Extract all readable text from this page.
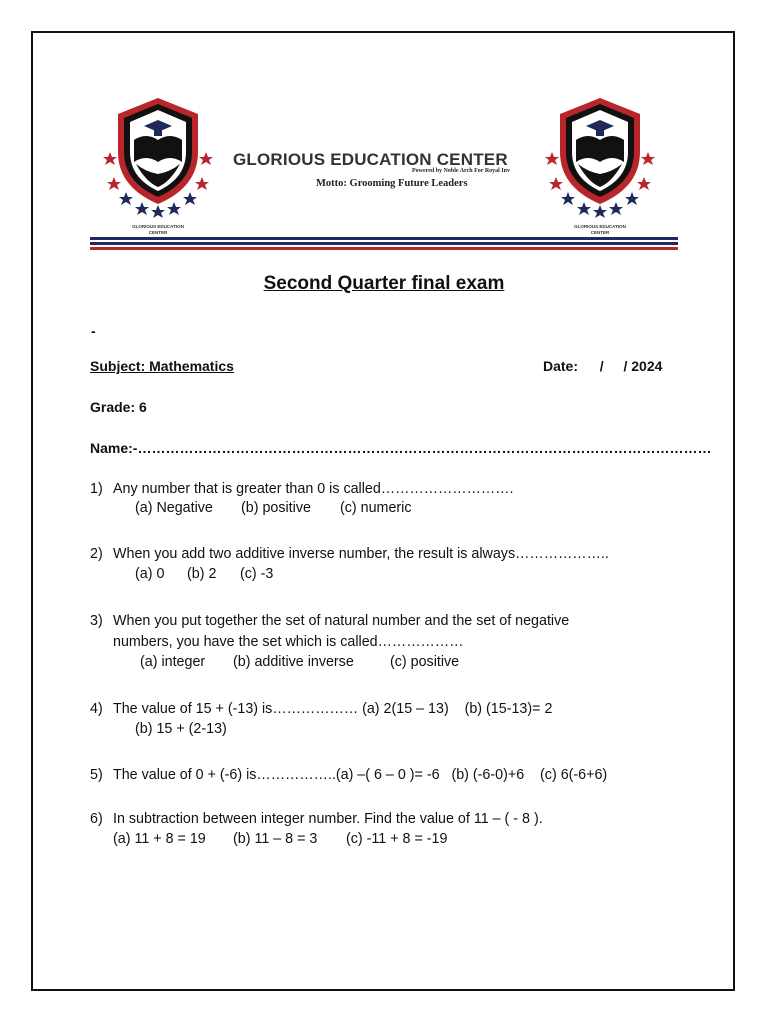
GLORIOUS EDUCATION
CENTER
GLORIOUS EDUCATION CENTER
Powered by Noble Arch For Royal Inv
Motto: Grooming Future Leaders
GLORIOUS EDUCATION
CENTER
Second Quarter final exam
-
Subject: Mathematics	Date: / / 2024
Grade: 6
Name:-……………………………………………………………………………………………………………
1) Any number that is greater than 0 is called……………………….
(a) Negative (b) positive (c) numeric
2) When you add two additive inverse number, the result is always………………..
(a) 0 (b) 2 (c) -3
3) When you put together the set of natural number and the set of negative
numbers, you have the set which is called………………
(a) integer (b) additive inverse	(c) positive
4) The value of 15 + (-13) is……………… (a) 2(15 – 13)    (b) (15-13)= 2
(b) 15 + (2-13)
5) The value of 0 + (-6) is……………..(a) –( 6 – 0 )= -6   (b) (-6-0)+6    (c) 6(-6+6)
6) In subtraction between integer number. Find the value of 11 – ( - 8 ).
(a) 11 + 8 = 19 (b) 11 – 8 = 3 (c) -11 + 8 = -19
